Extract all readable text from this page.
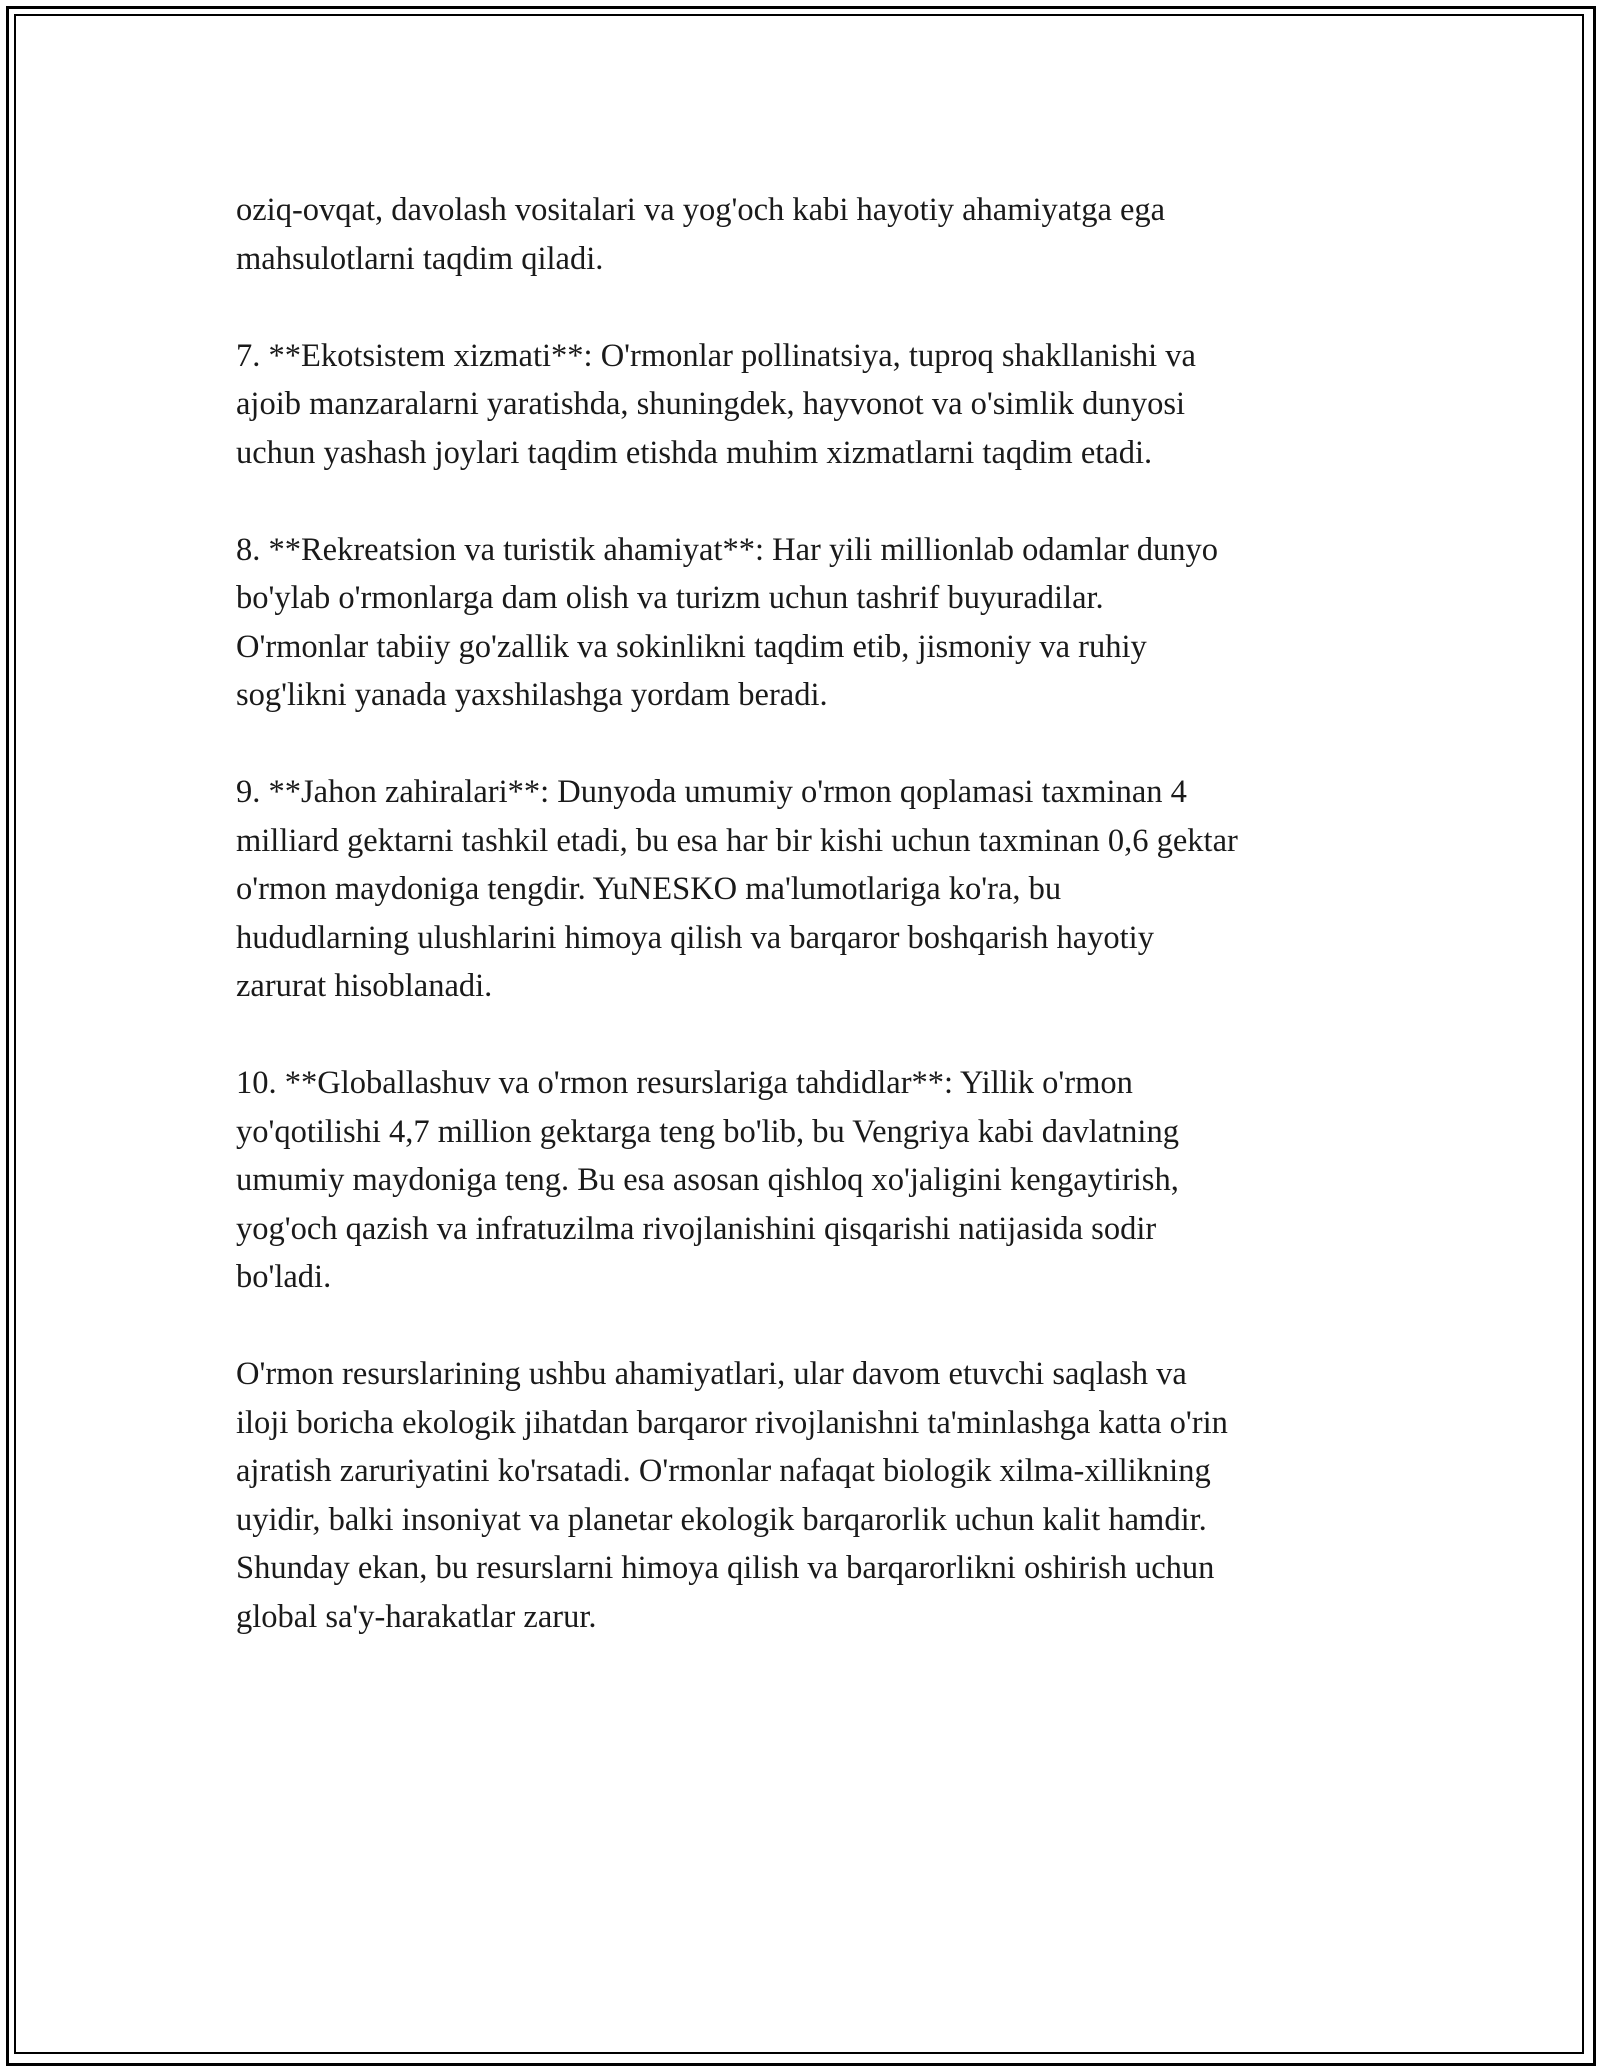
oziq-ovqat, davolash vositalari va yog'och kabi hayotiy ahamiyatga ega
mahsulotlarni taqdim qiladi.

7. **Ekotsistem xizmati**: O'rmonlar pollinatsiya, tuproq shakllanishi va
ajoib manzaralarni yaratishda, shuningdek, hayvonot va o'simlik dunyosi
uchun yashash joylari taqdim etishda muhim xizmatlarni taqdim etadi.

8. **Rekreatsion va turistik ahamiyat**: Har yili millionlab odamlar dunyo
bo'ylab o'rmonlarga dam olish va turizm uchun tashrif buyuradilar.
O'rmonlar tabiiy go'zallik va sokinlikni taqdim etib, jismoniy va ruhiy
sog'likni yanada yaxshilashga yordam beradi.

9. **Jahon zahiralari**: Dunyoda umumiy o'rmon qoplamasi taxminan 4
milliard gektarni tashkil etadi, bu esa har bir kishi uchun taxminan 0,6 gektar
o'rmon maydoniga tengdir. YuNESKO ma'lumotlariga ko'ra, bu
hududlarning ulushlarini himoya qilish va barqaror boshqarish hayotiy
zarurat hisoblanadi.

10. **Globallashuv va o'rmon resurslariga tahdidlar**: Yillik o'rmon
yo'qotilishi 4,7 million gektarga teng bo'lib, bu Vengriya kabi davlatning
umumiy maydoniga teng. Bu esa asosan qishloq xo'jaligini kengaytirish,
yog'och qazish va infratuzilma rivojlanishini qisqarishi natijasida sodir
bo'ladi.

O'rmon resurslarining ushbu ahamiyatlari, ular davom etuvchi saqlash va
iloji boricha ekologik jihatdan barqaror rivojlanishni ta'minlashga katta o'rin
ajratish zaruriyatini ko'rsatadi. O'rmonlar nafaqat biologik xilma-xillikning
uyidir, balki insoniyat va planetar ekologik barqarorlik uchun kalit hamdir.
Shunday ekan, bu resurslarni himoya qilish va barqarorlikni oshirish uchun
global sa'y-harakatlar zarur.
